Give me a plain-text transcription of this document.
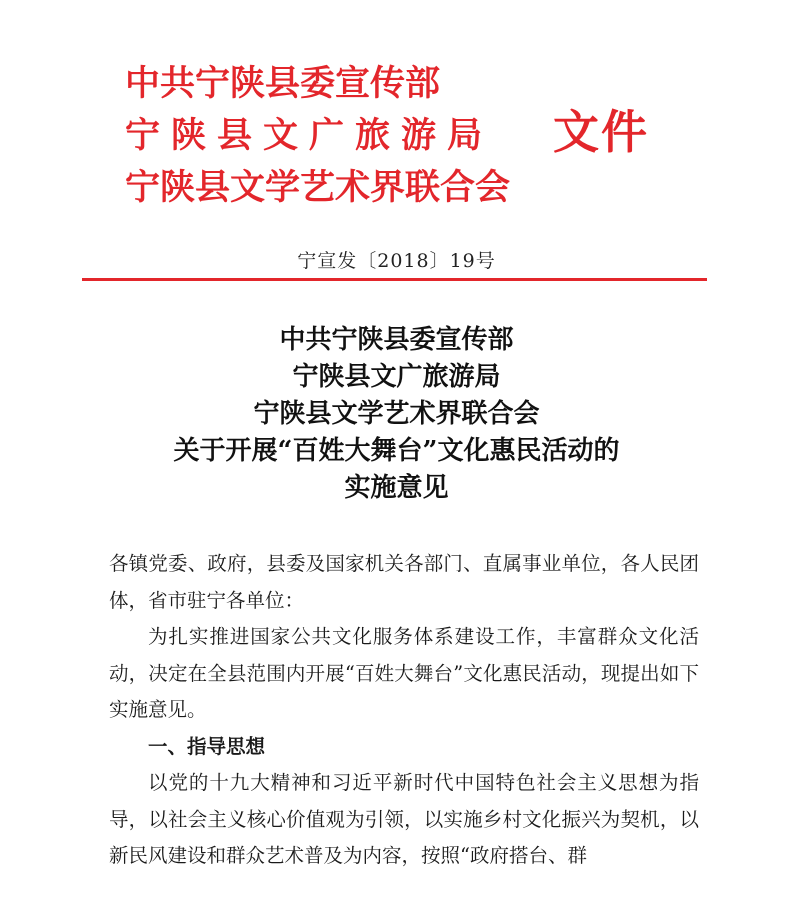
中共宁陕县委宣传部
宁陕县文广旅游局
宁陕县文学艺术界联合会
文件
宁宣发〔2018〕19号
中共宁陕县委宣传部
宁陕县文广旅游局
宁陕县文学艺术界联合会
关于开展“百姓大舞台”文化惠民活动的
实施意见

各镇党委、政府，县委及国家机关各部门、直属事业单位，各人民团体，省市驻宁各单位：

为扎实推进国家公共文化服务体系建设工作，丰富群众文化活动，决定在全县范围内开展“百姓大舞台”文化惠民活动，现提出如下实施意见。

一、指导思想

以党的十九大精神和习近平新时代中国特色社会主义思想为指导，以社会主义核心价值观为引领，以实施乡村文化振兴为契机，以新民风建设和群众艺术普及为内容，按照“政府搭台、群
